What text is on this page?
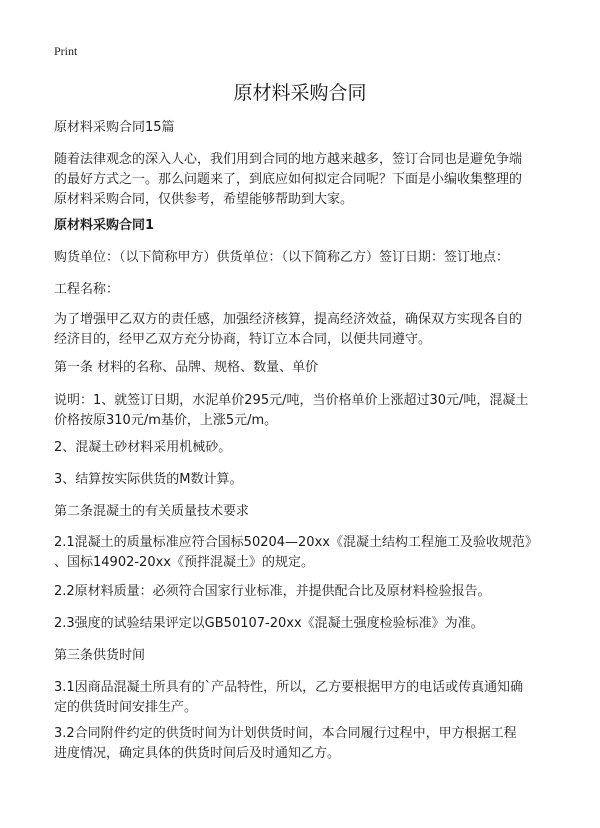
Print
原材料采购合同
原材料采购合同15篇
随着法律观念的深入人心，我们用到合同的地方越来越多，签订合同也是避免争端
的最好方式之一。那么问题来了，到底应如何拟定合同呢？下面是小编收集整理的
原材料采购合同，仅供参考，希望能够帮助到大家。
原材料采购合同1
购货单位：（以下简称甲方）供货单位：（以下简称乙方）签订日期：签订地点：
工程名称：
为了增强甲乙双方的责任感，加强经济核算，提高经济效益，确保双方实现各自的
经济目的，经甲乙双方充分协商，特订立本合同，以便共同遵守。
第一条 材料的名称、品牌、规格、数量、单价
说明：1、就签订日期，水泥单价295元/吨，当价格单价上涨超过30元/吨，混凝土
价格按原310元/m基价，上涨5元/m。
2、混凝土砂材料采用机械砂。
3、结算按实际供货的M数计算。
第二条混凝土的有关质量技术要求
2.1混凝土的质量标准应符合国标50204—20xx《混凝土结构工程施工及验收规范》
、国标14902-20xx《预拌混凝土》的规定。
2.2原材料质量：必须符合国家行业标准，并提供配合比及原材料检验报告。
2.3强度的试验结果评定以GB50107-20xx《混凝土强度检验标准》为准。
第三条供货时间
3.1因商品混凝土所具有的`产品特性，所以，乙方要根据甲方的电话或传真通知确
定的供货时间安排生产。
3.2合同附件约定的供货时间为计划供货时间，本合同履行过程中，甲方根据工程
进度情况，确定具体的供货时间后及时通知乙方。
